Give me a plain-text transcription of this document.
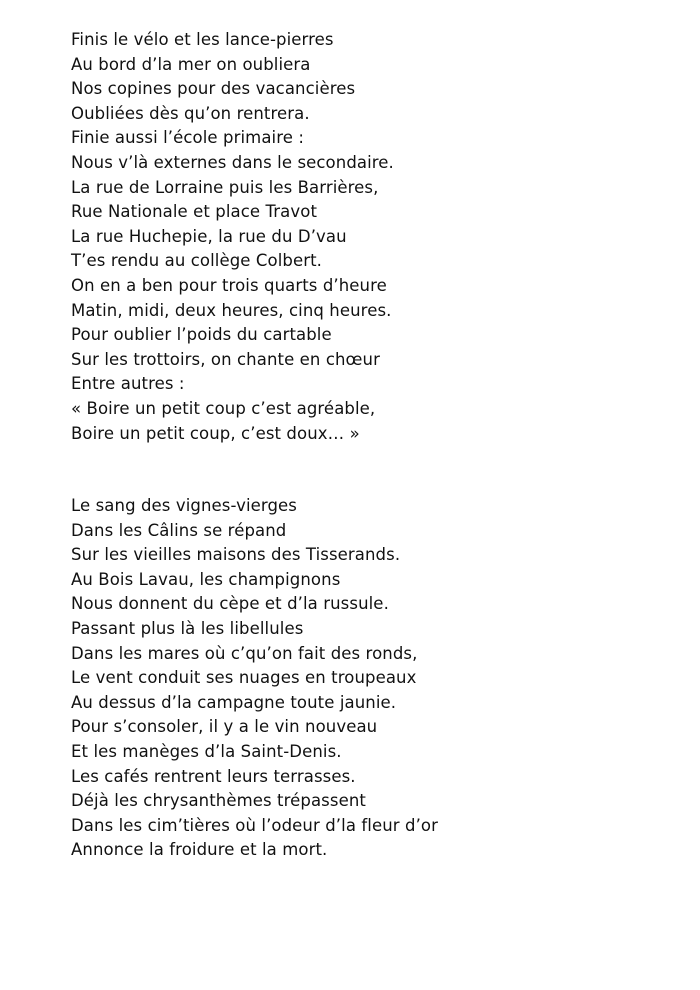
Finis le vélo et les lance-pierres
Au bord d’la mer on oubliera
Nos copines pour des vacancières
Oubliées dès qu’on rentrera.
Finie aussi l’école primaire :
Nous v’là externes dans le secondaire.
La rue de Lorraine puis les Barrières,
Rue Nationale et place Travot
La rue Huchepie, la rue du D’vau
T’es rendu au collège Colbert.
On en a ben pour trois quarts d’heure
Matin, midi, deux heures, cinq heures.
Pour oublier l’poids du cartable
Sur les trottoirs, on chante en chœur
Entre autres :
« Boire un petit coup c’est agréable,
Boire un petit coup, c’est doux… »
Le sang des vignes-vierges
Dans les Câlins se répand
Sur les vieilles maisons des Tisserands.
Au Bois Lavau, les champignons
Nous donnent du cèpe et d’la russule.
Passant plus là les libellules
Dans les mares où c’qu’on fait des ronds,
Le vent conduit ses nuages en troupeaux
Au dessus d’la campagne toute jaunie.
Pour s’consoler, il y a le vin nouveau
Et les manèges d’la Saint-Denis.
Les cafés rentrent leurs terrasses.
Déjà les chrysanthèmes trépassent
Dans les cim’tières où l’odeur d’la fleur d’or
Annonce la froidure et la mort.
